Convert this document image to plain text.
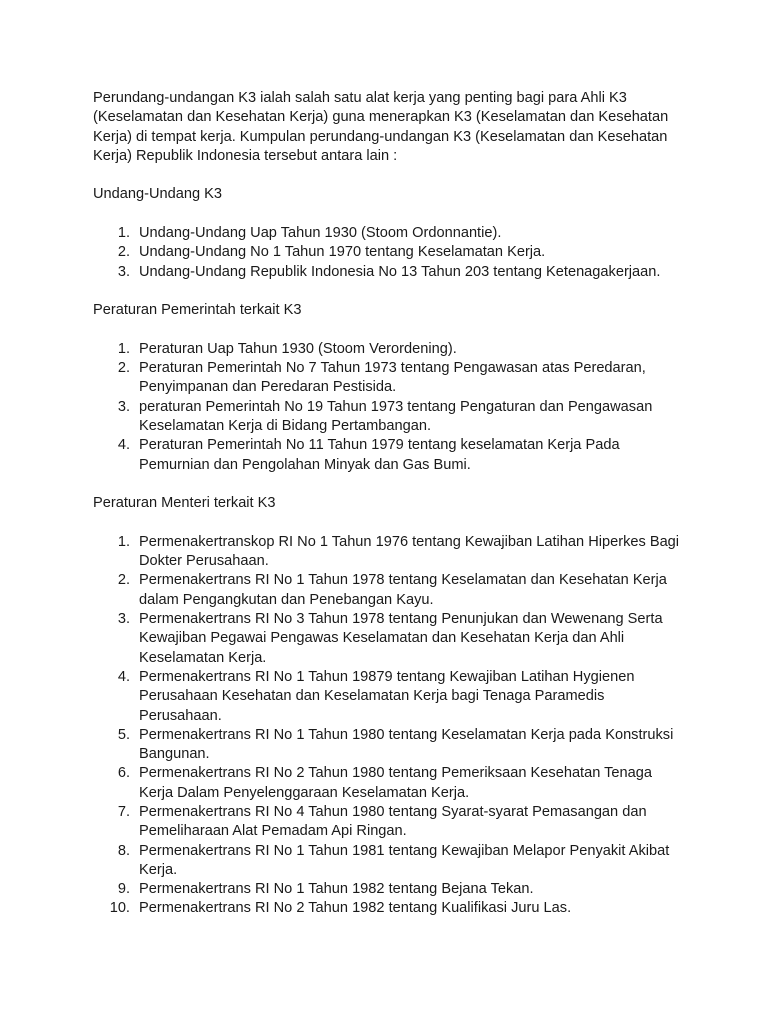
Perundang-undangan K3 ialah salah satu alat kerja yang penting bagi para Ahli K3 (Keselamatan dan Kesehatan Kerja) guna menerapkan K3 (Keselamatan dan Kesehatan Kerja) di tempat kerja. Kumpulan perundang-undangan K3 (Keselamatan dan Kesehatan Kerja) Republik Indonesia tersebut antara lain :

Undang-Undang K3

1. Undang-Undang Uap Tahun 1930 (Stoom Ordonnantie).
2. Undang-Undang No 1 Tahun 1970 tentang Keselamatan Kerja.
3. Undang-Undang Republik Indonesia No 13 Tahun 203 tentang Ketenagakerjaan.

Peraturan Pemerintah terkait K3

1. Peraturan Uap Tahun 1930 (Stoom Verordening).
2. Peraturan Pemerintah No 7 Tahun 1973 tentang Pengawasan atas Peredaran, Penyimpanan dan Peredaran Pestisida.
3. peraturan Pemerintah No 19 Tahun 1973 tentang Pengaturan dan Pengawasan Keselamatan Kerja di Bidang Pertambangan.
4. Peraturan Pemerintah No 11 Tahun 1979 tentang keselamatan Kerja Pada Pemurnian dan Pengolahan Minyak dan Gas Bumi.

Peraturan Menteri terkait K3

1. Permenakertranskop RI No 1 Tahun 1976 tentang Kewajiban Latihan Hiperkes Bagi Dokter Perusahaan.
2. Permenakertrans RI No 1 Tahun 1978 tentang Keselamatan dan Kesehatan Kerja dalam Pengangkutan dan Penebangan Kayu.
3. Permenakertrans RI No 3 Tahun 1978 tentang Penunjukan dan Wewenang Serta Kewajiban Pegawai Pengawas Keselamatan dan Kesehatan Kerja dan Ahli Keselamatan Kerja.
4. Permenakertrans RI No 1 Tahun 19879 tentang Kewajiban Latihan Hygienen Perusahaan Kesehatan dan Keselamatan Kerja bagi Tenaga Paramedis Perusahaan.
5. Permenakertrans RI No 1 Tahun 1980 tentang Keselamatan Kerja pada Konstruksi Bangunan.
6. Permenakertrans RI No 2 Tahun 1980 tentang Pemeriksaan Kesehatan Tenaga Kerja Dalam Penyelenggaraan Keselamatan Kerja.
7. Permenakertrans RI No 4 Tahun 1980 tentang Syarat-syarat Pemasangan dan Pemeliharaan Alat Pemadam Api Ringan.
8. Permenakertrans RI No 1 Tahun 1981 tentang Kewajiban Melapor Penyakit Akibat Kerja.
9. Permenakertrans RI No 1 Tahun 1982 tentang Bejana Tekan.
10. Permenakertrans RI No 2 Tahun 1982 tentang Kualifikasi Juru Las.
